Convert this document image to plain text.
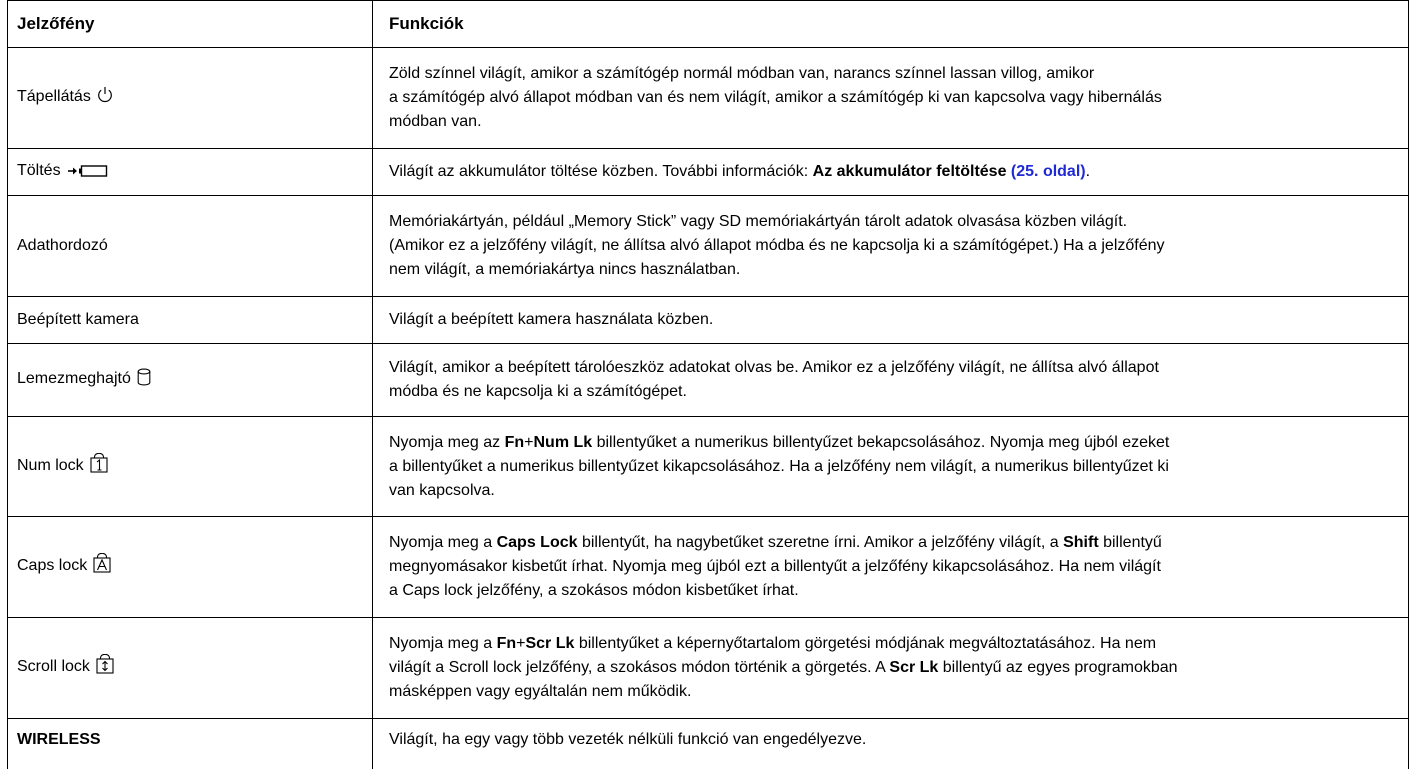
Jelzőfény	Funkciók
Tápellátás	Zöld színnel világít, amikor a számítógép normál módban van, narancs színnel lassan villog, amikor
a számítógép alvó állapot módban van és nem világít, amikor a számítógép ki van kapcsolva vagy hibernálás
módban van.
Töltés	Világít az akkumulátor töltése közben. További információk: Az akkumulátor feltöltése (25. oldal).
Adathordozó	Memóriakártyán, például „Memory Stick” vagy SD memóriakártyán tárolt adatok olvasása közben világít.
(Amikor ez a jelzőfény világít, ne állítsa alvó állapot módba és ne kapcsolja ki a számítógépet.) Ha a jelzőfény
nem világít, a memóriakártya nincs használatban.
Beépített kamera	Világít a beépített kamera használata közben.
Lemezmeghajtó	Világít, amikor a beépített tárolóeszköz adatokat olvas be. Amikor ez a jelzőfény világít, ne állítsa alvó állapot
módba és ne kapcsolja ki a számítógépet.
Num lock	Nyomja meg az Fn+Num Lk billentyűket a numerikus billentyűzet bekapcsolásához. Nyomja meg újból ezeket
a billentyűket a numerikus billentyűzet kikapcsolásához. Ha a jelzőfény nem világít, a numerikus billentyűzet ki
van kapcsolva.
Caps lock	Nyomja meg a Caps Lock billentyűt, ha nagybetűket szeretne írni. Amikor a jelzőfény világít, a Shift billentyű
megnyomásakor kisbetűt írhat. Nyomja meg újból ezt a billentyűt a jelzőfény kikapcsolásához. Ha nem világít
a Caps lock jelzőfény, a szokásos módon kisbetűket írhat.
Scroll lock	Nyomja meg a Fn+Scr Lk billentyűket a képernyőtartalom görgetési módjának megváltoztatásához. Ha nem
világít a Scroll lock jelzőfény, a szokásos módon történik a görgetés. A Scr Lk billentyű az egyes programokban
másképpen vagy egyáltalán nem működik.
WIRELESS	Világít, ha egy vagy több vezeték nélküli funkció van engedélyezve.
